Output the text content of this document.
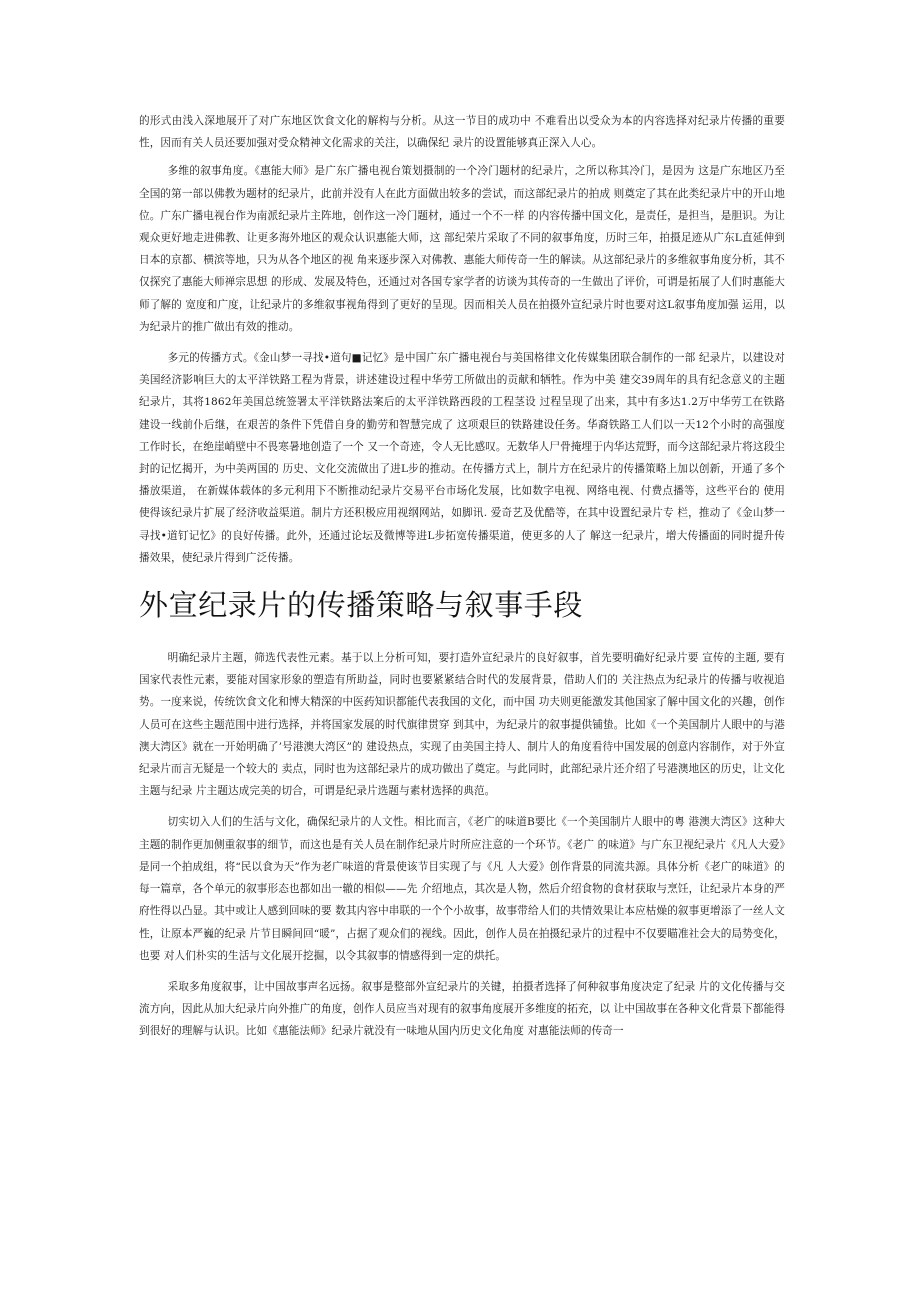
的形式由浅入深地展开了对广东地区饮食文化的解构与分析。从这一节目的成功中 不难看出以受众为本的内容选择对纪录片传播的重要性，因而有关人员还要加强对受众精神文化需求的关注，以确保纪 录片的设置能够真正深入人心。

多维的叙事角度。《惠能大师》是广东广播电视台策划摄制的一个冷门题材的纪录片，之所以称其冷门，是因为 这是广东地区乃至全国的第一部以佛教为题材的纪录片，此前并没有人在此方面做出较多的尝试，而这部纪录片的拍成 则奠定了其在此类纪录片中的开山地位。广东广播电视台作为南派纪录片主阵地，创作这一冷门题材，通过一个不一样 的内容传播中国文化，是责任，是担当，是胆识。为让观众更好地走进佛教、让更多海外地区的观众认识惠能大师，这 部纪荣片采取了不同的叙事角度，历时三年，拍摄足迹从广东L直延伸到日本的京都、横滨等地，只为从各个地区的视 角来逐步深入对佛教、惠能大师传奇一生的解读。从这部纪录片的多维叙事角度分析，其不仅探究了惠能大师禅宗思想 的形成、发展及特色，还通过对各国专家学者的访谈为其传奇的一生做出了评价，可谓是拓展了人们时惠能大师了解的 宽度和广度，让纪录片的多维叙事视角得到了更好的呈现。因而相关人员在拍摄外宣纪录片时也要对这L叙事角度加强 运用，以为纪录片的推广做出有效的推动。

多元的传播方式。《金山梦一寻找•道句■记忆》是中国广东广播电视台与美国格律文化传媒集团联合制作的一部 纪录片，以建设对美国经济影响巨大的太平洋铁路工程为背景，讲述建设过程中华劳工所做出的贡献和牺牲。作为中美 建交39周年的具有纪念意义的主题纪录片，其将1862年美国总统签署太平洋铁路法案后的太平洋铁路西段的工程茎设 过程呈现了出来，其中有多达1.2万中华劳工在铁路建设一线前仆后继，在艰苦的条件下凭借自身的勤劳和智慧完成了 这项艰巨的铁路建设任务。华裔铁路工人们以一天12个小时的高强度工作时长，在绝崖峭壁中不畏寒暑地创造了一个 又一个奇迹，令人无比感叹。无数华人尸骨掩埋于内华达荒野，而今这部纪录片将这段尘封的记忆揭开，为中美两国的 历史、文化交流做出了进L步的推动。在传播方式上，制片方在纪录片的传播策略上加以创新，开通了多个播放渠道， 在新媒体载体的多元利用下不断推动纪录片交易平台市场化发展，比如数字电视、网络电视、付费点播等，这些平台的 使用使得该纪录片扩展了经济收益渠道。制片方还积极应用视纲网站，如脚讯. 爱奇艺及优酷等，在其中设置纪录片专 栏，推动了《金山梦一寻找•道钉记忆》的良好传播。此外，还通过论坛及微博等进L步拓宽传播渠道，使更多的人了 解这一纪录片，增大传播面的同时提升传播效果，使纪录片得到广泛传播。

外宣纪录片的传播策略与叙事手段

明确纪录片主题，筛选代表性元素。基于以上分析可知，要打造外宣纪录片的良好叙事，首先要明确好纪录片要 宣传的主题, 要有国家代表性元素，要能对国家形象的塑造有所助益，同时也要紧紧结合时代的发展背景，借助人们的 关注热点为纪录片的传播与收视追势。一度来说，传统饮食文化和博大精深的中医药知识都能代表我国的文化，而中国 功夫则更能激发其他国家了解中国文化的兴趣，创作人员可在这些主题范围中进行选择，并将国家发展的时代旗律贯穿 到其中，为纪录片的叙事提供铺蛰。比如《一个美国制片人眼中的与港澳大湾区》就在一开始明确了’号港澳大湾区”的 建设热点，实现了由美国主持人、制片人的角度看待中国发展的创意内容制作，对于外宣纪录片而言无疑是一个较大的 卖点，同时也为这部纪录片的成功做出了奠定。与此同时，此部纪录片还介绍了号港澳地区的历史，让文化主题与纪录 片主题达成完美的切合，可谓是纪录片选题与素材选择的典范。

切实切入人们的生活与文化，确保纪录片的人文性。相比而言，《老广的味道B要比《一个美国制片人眼中的粤 港澳大湾区》这种大主题的制作更加侧重叙事的细节，而这也是有关人员在制作纪录片时所应注意的一个环节。《老广 的味道》与广东卫视纪录片《凡人大爱》是同一个拍成组，将“民以食为天”作为老广味道的背景使该节目实现了与《凡 人大爱》创作背景的同流共源。具体分析《老广的味道》的每一篇章，各个单元的叙事形态也都如出一辙的相似——先 介绍地点，其次是人物，然后介绍食物的食材获取与烹饪，让纪录片本身的严府性得以凸显。其中或让人感到回味的要 数其内容中串联的一个个小故事，故事带给人们的共情效果让本应枯燥的叙事更增添了一丝人文性，让原本严巍的纪录 片节目瞬间回“暖”，占据了观众们的视线。因此，创作人员在拍摄纪录片的过程中不仅要瞄准社会大的局势变化，也要 对人们朴实的生活与文化展开挖掘，以令其叙事的情感得到一定的烘托。

采取多角度叙事，让中国故事声名远扬。叙事是整部外宣纪录片的关键，拍摄者选择了何种叙事角度决定了纪录 片的文化传播与交流方向，因此从加大纪录片向外推广的角度，创作人员应当对现有的叙事角度展开多维度的拓充，以 让中国故事在各种文化背景下都能得到很好的理解与认识。比如《惠能法师》纪录片就没有一味地从国内历史文化角度 对惠能法师的传奇一
